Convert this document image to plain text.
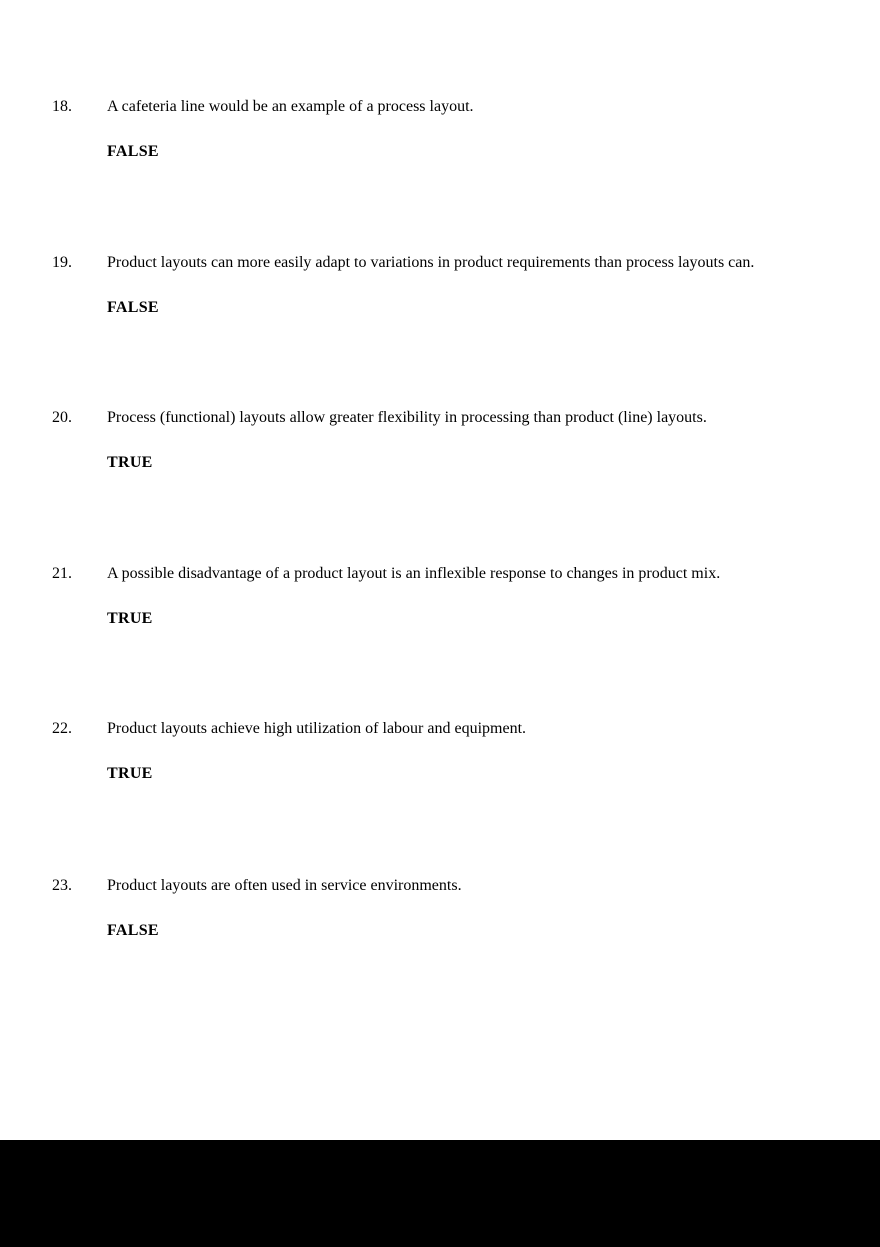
18.	A cafeteria line would be an example of a process layout.
FALSE
19.	Product layouts can more easily adapt to variations in product requirements than process layouts can.
FALSE
20.	Process (functional) layouts allow greater flexibility in processing than product (line) layouts.
TRUE
21.	A possible disadvantage of a product layout is an inflexible response to changes in product mix.
TRUE
22.	Product layouts achieve high utilization of labour and equipment.
TRUE
23.	Product layouts are often used in service environments.
FALSE
